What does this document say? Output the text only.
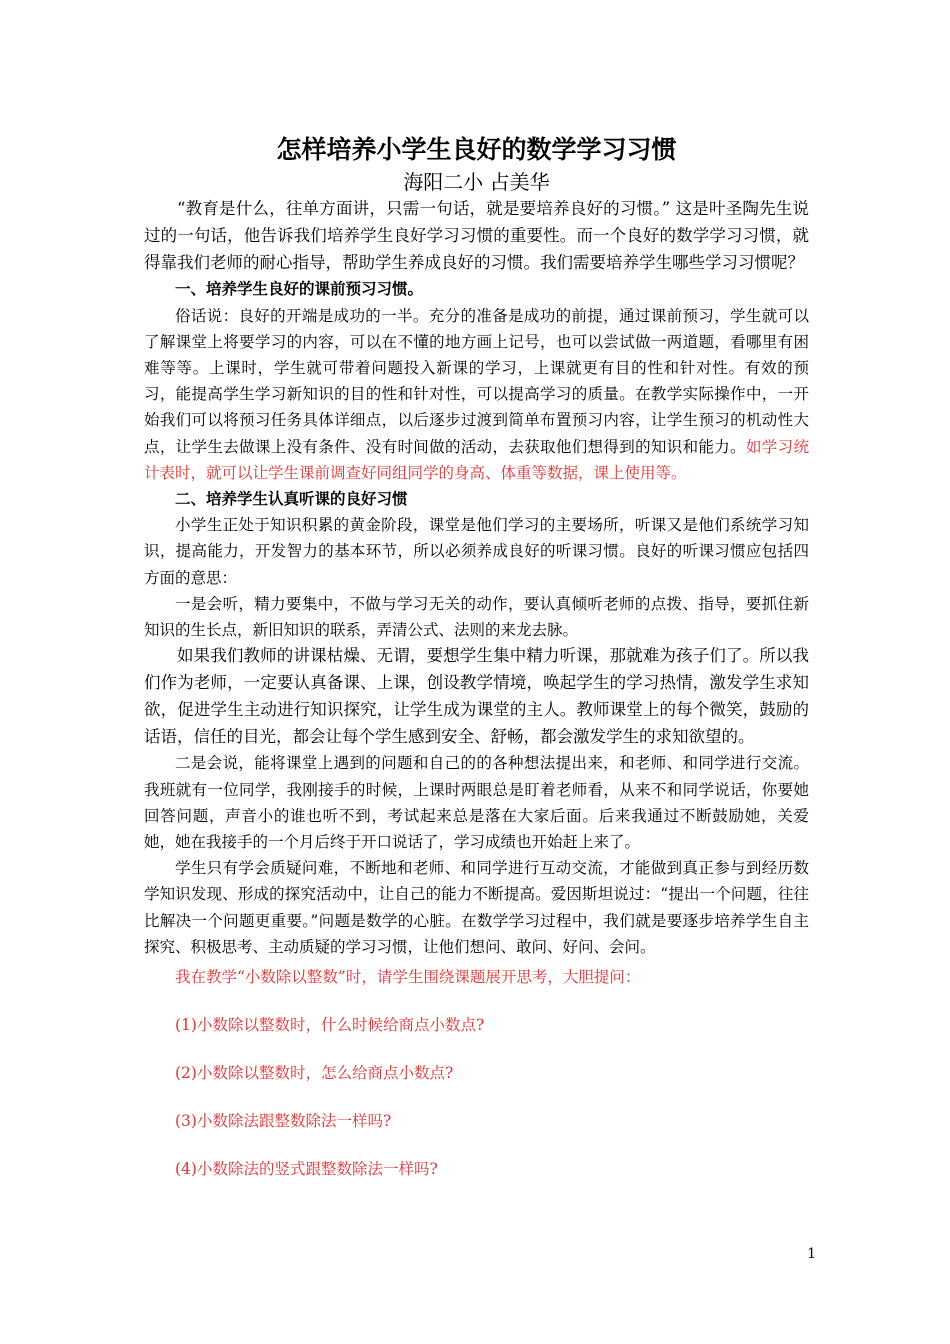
怎样培养小学生良好的数学学习习惯
海阳二小 占美华

“教育是什么，往单方面讲，只需一句话，就是要培养良好的习惯。” 这是叶圣陶先生说过的一句话，他告诉我们培养学生良好学习习惯的重要性。而一个良好的数学学习习惯，就得靠我们老师的耐心指导，帮助学生养成良好的习惯。我们需要培养学生哪些学习习惯呢？

一、培养学生良好的课前预习习惯。

俗话说：良好的开端是成功的一半。充分的准备是成功的前提，通过课前预习，学生就可以了解课堂上将要学习的内容，可以在不懂的地方画上记号，也可以尝试做一两道题，看哪里有困难等等。上课时，学生就可带着问题投入新课的学习，上课就更有目的性和针对性。有效的预习，能提高学生学习新知识的目的性和针对性，可以提高学习的质量。在教学实际操作中，一开始我们可以将预习任务具体详细点，以后逐步过渡到简单布置预习内容，让学生预习的机动性大点，让学生去做课上没有条件、没有时间做的活动，去获取他们想得到的知识和能力。如学习统计表时，就可以让学生课前调查好同组同学的身高、体重等数据，课上使用等。

二、培养学生认真听课的良好习惯

小学生正处于知识积累的黄金阶段，课堂是他们学习的主要场所，听课又是他们系统学习知识，提高能力，开发智力的基本环节，所以必须养成良好的听课习惯。良好的听课习惯应包括四方面的意思：

一是会听，精力要集中，不做与学习无关的动作，要认真倾听老师的点拨、指导，要抓住新知识的生长点，新旧知识的联系，弄清公式、法则的来龙去脉。

如果我们教师的讲课枯燥、无谓，要想学生集中精力听课，那就难为孩子们了。所以我们作为老师，一定要认真备课、上课，创设教学情境，唤起学生的学习热情，激发学生求知欲，促进学生主动进行知识探究，让学生成为课堂的主人。教师课堂上的每个微笑，鼓励的话语，信任的目光，都会让每个学生感到安全、舒畅，都会激发学生的求知欲望的。

二是会说，能将课堂上遇到的问题和自己的的各种想法提出来，和老师、和同学进行交流。我班就有一位同学，我刚接手的时候，上课时两眼总是盯着老师看，从来不和同学说话，你要她回答问题，声音小的谁也听不到，考试起来总是落在大家后面。后来我通过不断鼓励她，关爱她，她在我接手的一个月后终于开口说话了，学习成绩也开始赶上来了。

学生只有学会质疑问难，不断地和老师、和同学进行互动交流，才能做到真正参与到经历数学知识发现、形成的探究活动中，让自己的能力不断提高。爱因斯坦说过：“提出一个问题，往往比解决一个问题更重要。”问题是数学的心脏。在数学学习过程中，我们就是要逐步培养学生自主探究、积极思考、主动质疑的学习习惯，让他们想问、敢问、好问、会问。

我在教学“小数除以整数”时，请学生围绕课题展开思考，大胆提问：
(1)小数除以整数时，什么时候给商点小数点?
(2)小数除以整数时，怎么给商点小数点?
(3)小数除法跟整数除法一样吗?
(4)小数除法的竖式跟整数除法一样吗?
1
